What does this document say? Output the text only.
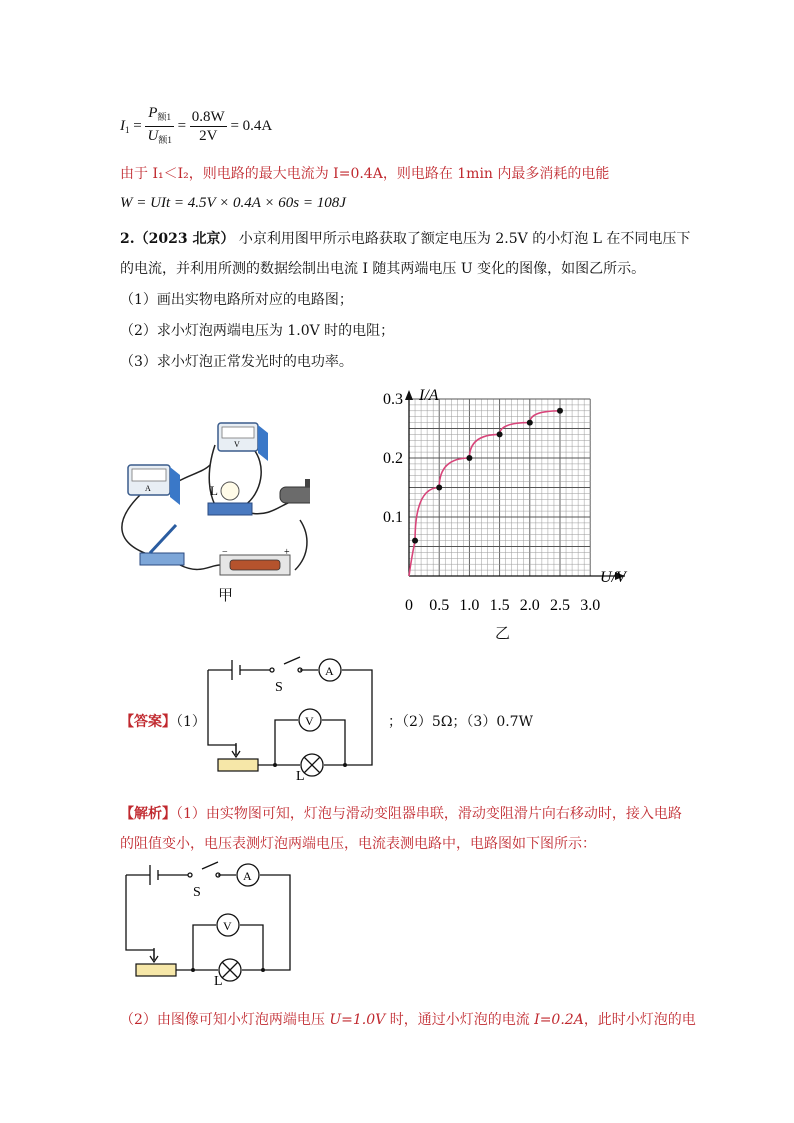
$I_1 = \frac{P_{额1}}{U_{额1}} = \frac{0.8W}{2V} = 0.4A$
由于 I₁＜I₂，则电路的最大电流为 I=0.4A，则电路在 1min 内最多消耗的电能
W = UIt = 4.5V × 0.4A × 60s = 108J
2.（2023 北京） 小京利用图甲所示电路获取了额定电压为 2.5V 的小灯泡 L 在不同电压下
的电流，并利用所测的数据绘制出电流 I 随其两端电压 U 变化的图像，如图乙所示。
（1）画出实物电路所对应的电路图；
（2）求小灯泡两端电压为 1.0V 时的电阻；
（3）求小灯泡正常发光时的电功率。
A
V
L
−	+
甲
0 0.5 1.0 1.5 2.0 2.5 3.0
0.1
0.2
0.3 I/A
U/V
乙
【答案】（1）	；（2）5Ω；（3）0.7W
S
A
V
L
【解析】（1）由实物图可知，灯泡与滑动变阻器串联，滑动变阻滑片向右移动时，接入电路
的阻值变小，电压表测灯泡两端电压，电流表测电路中，电路图如下图所示：
S
A
V
L
（2）由图像可知小灯泡两端电压 U=1.0V 时，通过小灯泡的电流 I=0.2A，此时小灯泡的电
